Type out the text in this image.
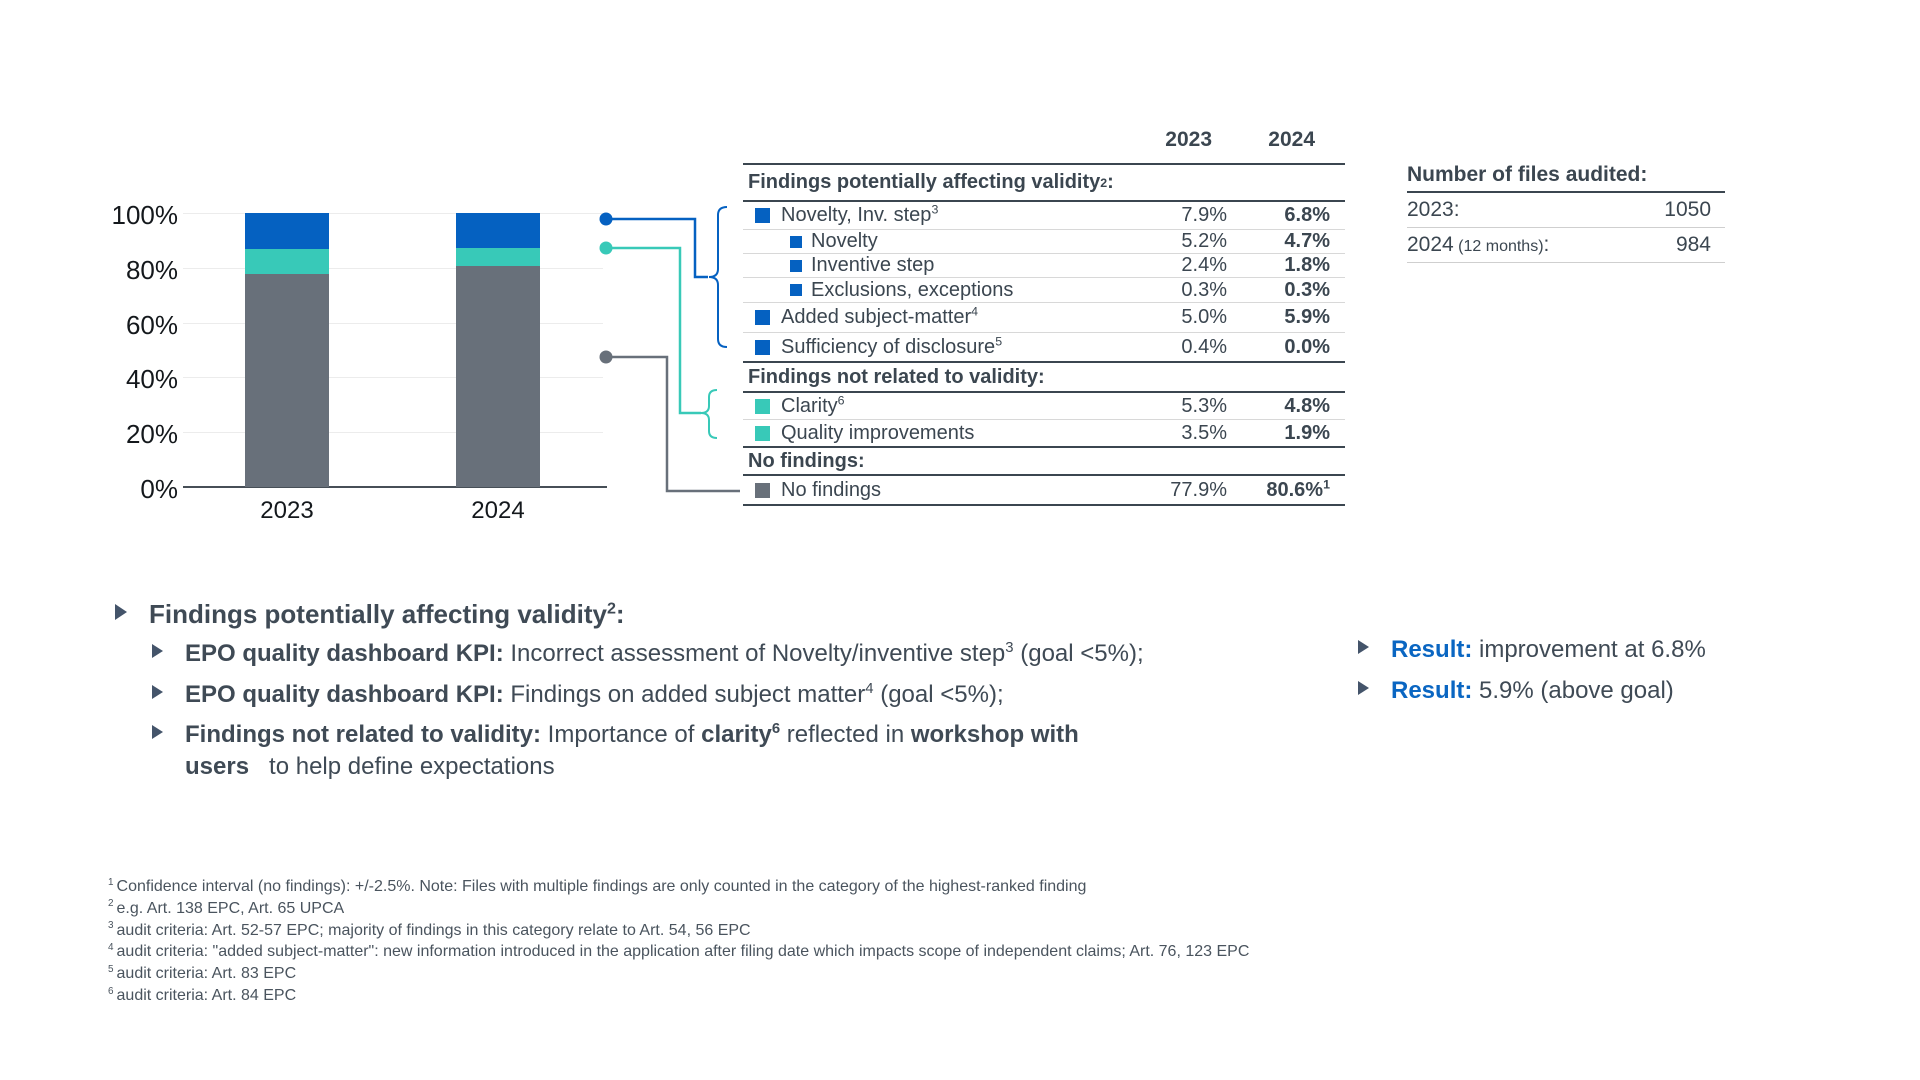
100%
80%
60%
40%
20%
0%
2023	2024
2023	2024
Findings potentially affecting validity 2 :
Novelty, Inv. step$^3$	7.9%	6.8%
Novelty	5.2%	4.7%
Inventive step	2.4%	1.8%
Exclusions, exceptions	0.3%	0.3%
Added subject-matter$^4$	5.0%	5.9%
Sufficiency of disclosure$^5$	0.4%	0.0%
Findings not related to validity:
Clarity$^6$	5.3%	4.8%
Quality improvements	3.5%	1.9%
No findings:
No findings	77.9%	80.6%$^1$
Number of files audited:
2023:	1050
2024 (12 months):	984
Findings potentially affecting validity$^2$:
EPO quality dashboard KPI: Incorrect assessment of Novelty/inventive step$^3$ (goal <5%);
EPO quality dashboard KPI: Findings on added subject matter$^4$ (goal <5%);
Findings not related to validity: Importance of clarity$^6$ reflected in workshop with
users   to help define expectations
Result: improvement at 6.8%
Result: 5.9% (above goal)
$^1$ Confidence interval (no findings): +/-2.5%. Note: Files with multiple findings are only counted in the category of the highest-ranked finding
$^2$ e.g. Art. 138 EPC, Art. 65 UPCA
$^3$ audit criteria: Art. 52-57 EPC; majority of findings in this category relate to Art. 54, 56 EPC
$^4$ audit criteria: "added subject-matter": new information introduced in the application after filing date which impacts scope of independent claims; Art. 76, 123 EPC
$^5$ audit criteria: Art. 83 EPC
$^6$ audit criteria: Art. 84 EPC
